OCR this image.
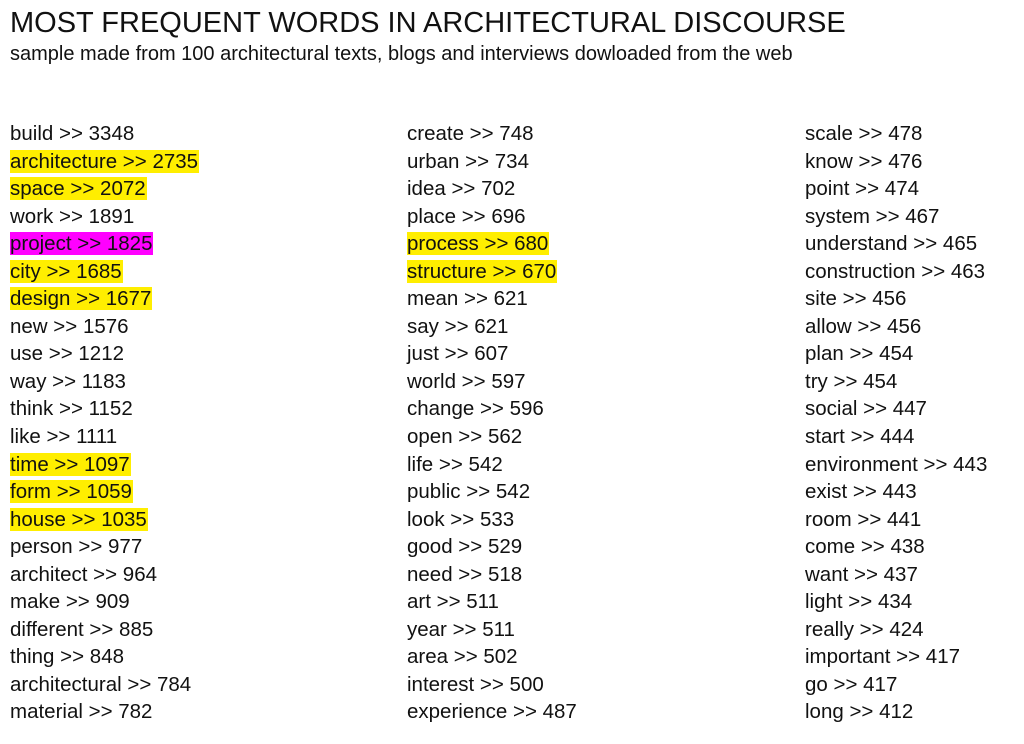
MOST FREQUENT WORDS IN ARCHITECTURAL DISCOURSE
sample made from 100 architectural texts, blogs and interviews dowloaded from the web
build >> 3348
architecture >> 2735
space >> 2072
work >> 1891
project >> 1825
city >> 1685
design >> 1677
new >> 1576
use >> 1212
way >> 1183
think >> 1152
like >> 1111
time >> 1097
form >> 1059
house >> 1035
person >> 977
architect >> 964
make >> 909
different >> 885
thing >> 848
architectural >> 784
material >> 782
create >> 748
urban >> 734
idea >> 702
place >> 696
process >> 680
structure >> 670
mean >> 621
say >> 621
just >> 607
world >> 597
change >> 596
open >> 562
life >> 542
public >> 542
look >> 533
good >> 529
need >> 518
art >> 511
year >> 511
area >> 502
interest >> 500
experience >> 487
scale >> 478
know >> 476
point >> 474
system >> 467
understand >> 465
construction >> 463
site >> 456
allow >> 456
plan >> 454
try >> 454
social >> 447
start >> 444
environment >> 443
exist >> 443
room >> 441
come >> 438
want >> 437
light >> 434
really >> 424
important >> 417
go >> 417
long >> 412
